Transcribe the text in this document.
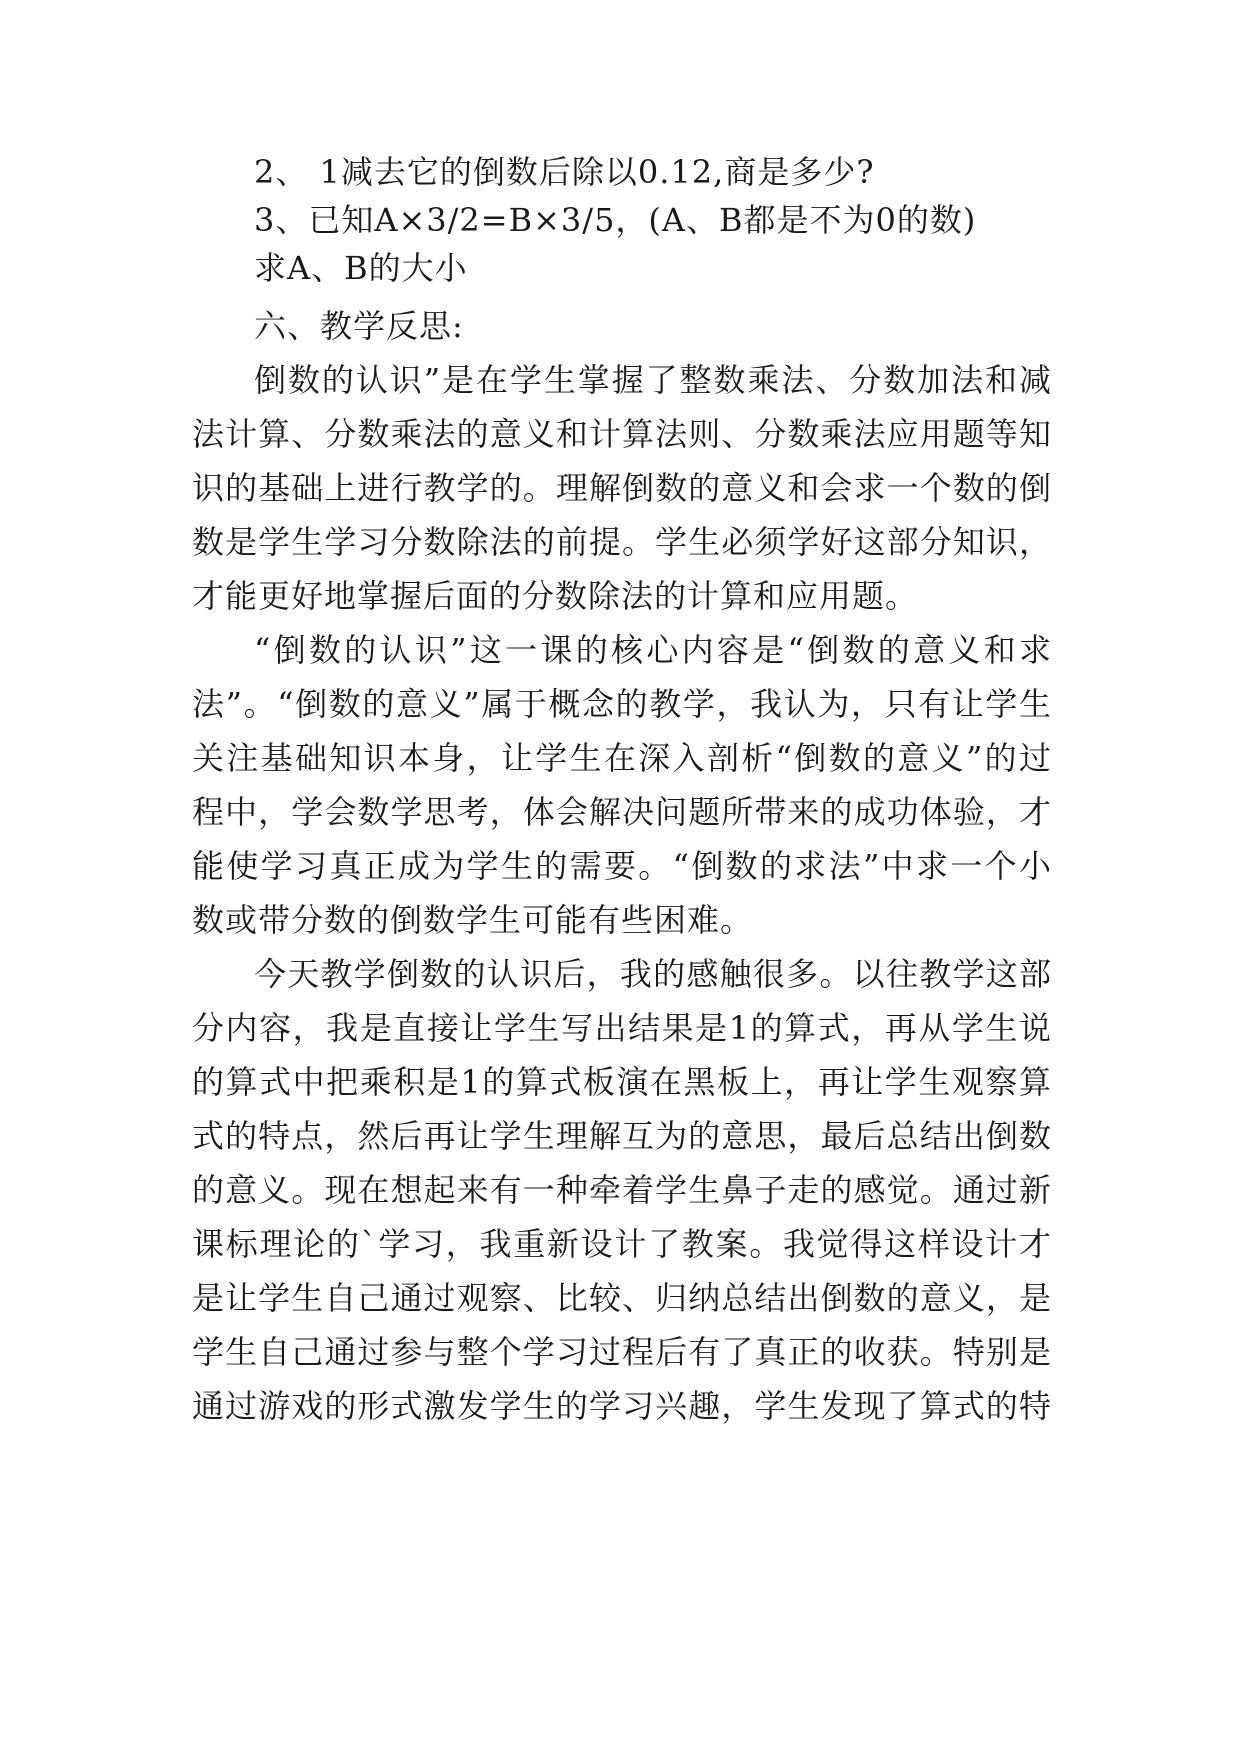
2、 1减去它的倒数后除以0.12,商是多少?
3、已知A×3/2=B×3/5，(A、B都是不为0的数)
求A、B的大小
六、教学反思:
倒数的认识”是在学生掌握了整数乘法、分数加法和减
法计算、分数乘法的意义和计算法则、分数乘法应用题等知
识的基础上进行教学的。理解倒数的意义和会求一个数的倒
数是学生学习分数除法的前提。学生必须学好这部分知识，
才能更好地掌握后面的分数除法的计算和应用题。
“倒数的认识”这一课的核心内容是“倒数的意义和求
法”。“倒数的意义”属于概念的教学，我认为，只有让学生
关注基础知识本身，让学生在深入剖析“倒数的意义”的过
程中，学会数学思考，体会解决问题所带来的成功体验，才
能使学习真正成为学生的需要。“倒数的求法”中求一个小
数或带分数的倒数学生可能有些困难。
今天教学倒数的认识后，我的感触很多。以往教学这部
分内容，我是直接让学生写出结果是1的算式，再从学生说
的算式中把乘积是1的算式板演在黑板上，再让学生观察算
式的特点，然后再让学生理解互为的意思，最后总结出倒数
的意义。现在想起来有一种牵着学生鼻子走的感觉。通过新
课标理论的`学习，我重新设计了教案。我觉得这样设计才
是让学生自己通过观察、比较、归纳总结出倒数的意义，是
学生自己通过参与整个学习过程后有了真正的收获。特别是
通过游戏的形式激发学生的学习兴趣，学生发现了算式的特
